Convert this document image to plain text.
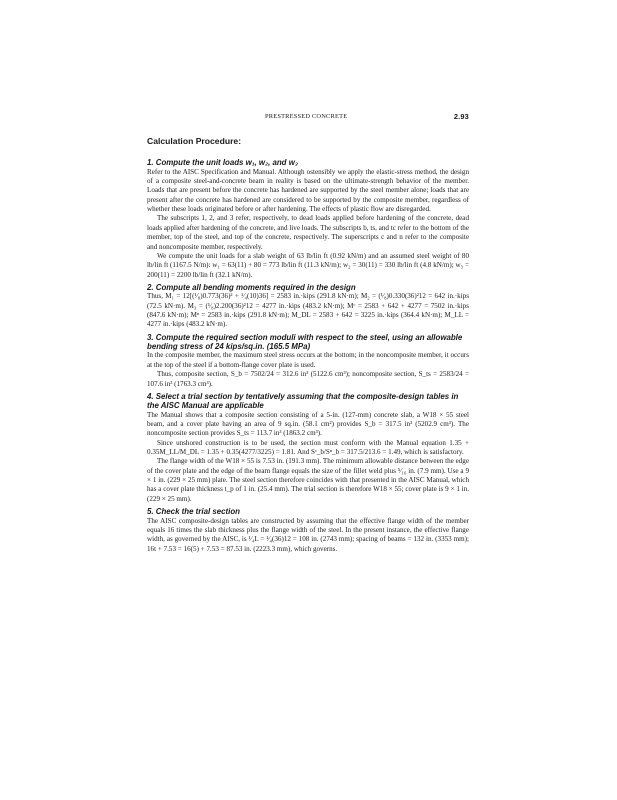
PRESTRESSED CONCRETE	2.93
Calculation Procedure:
1. Compute the unit loads w₁, w₂, and w₃

Refer to the AISC Specification and Manual. Although ostensibly we apply the elastic-stress method, the design of a composite steel-and-concrete beam in reality is based on the ultimate-strength behavior of the member. Loads that are present before the concrete has hardened are supported by the steel member alone; loads that are present after the concrete has hardened are considered to be supported by the composite member, regardless of whether these loads originated before or after hardening. The effects of plastic flow are disregarded.

The subscripts 1, 2, and 3 refer, respectively, to dead loads applied before hardening of the concrete, dead loads applied after hardening of the concrete, and live loads. The subscripts b, ts, and tc refer to the bottom of the member, top of the steel, and top of the concrete, respectively. The superscripts c and n refer to the composite and noncomposite member, respectively.

We compute the unit loads for a slab weight of 63 lb/lin ft (0.92 kN/m) and an assumed steel weight of 80 lb/lin ft (1167.5 N/m): w₁ = 63(11) + 80 = 773 lb/lin ft (11.3 kN/m); w₂ = 30(11) = 330 lb/lin ft (4.8 kN/m); w₃ = 200(11) = 2200 lb/lin ft (32.1 kN/m).

2. Compute all bending moments required in the design

Thus, M₁ = 12[(¹⁄₈)0.773(36)² + ¹⁄₄(10)36] = 2583 in.·kips (291.8 kN·m); M₂ = (¹⁄₈)0.330(36)²12 = 642 in.·kips (72.5 kN·m). M₃ = (¹⁄₈)2.200(36)²12 = 4277 in.·kips (483.2 kN·m); Mᶜ = 2583 + 642 + 4277 = 7502 in.·kips (847.6 kN·m); Mⁿ = 2583 in.·kips (291.8 kN·m); M_DL = 2583 + 642 = 3225 in.·kips (364.4 kN·m); M_LL = 4277 in.·kips (483.2 kN·m).

3. Compute the required section moduli with respect to the steel, using an allowable bending stress of 24 kips/sq.in. (165.5 MPa)

In the composite member, the maximum steel stress occurs at the bottom; in the noncomposite member, it occurs at the top of the steel if a bottom-flange cover plate is used.

Thus, composite section, S_b = 7502/24 = 312.6 in³ (5122.6 cm³); noncomposite section, S_ts = 2583/24 = 107.6 in³ (1763.3 cm³).

4. Select a trial section by tentatively assuming that the composite-design tables in the AISC Manual are applicable

The Manual shows that a composite section consisting of a 5-in. (127-mm) concrete slab, a W18 × 55 steel beam, and a cover plate having an area of 9 sq.in. (58.1 cm²) provides S_b = 317.5 in³ (5202.9 cm³). The noncomposite section provides S_ts = 113.7 in³ (1863.2 cm³).

Since unshored construction is to be used, the section must conform with the Manual equation 1.35 + 0.35M_LL/M_DL = 1.35 + 0.35(4277/3225) = 1.81. And Sᶜ_b/Sⁿ_b = 317.5/213.6 = 1.49, which is satisfactory.

The flange width of the W18 × 55 is 7.53 in. (191.3 mm). The minimum allowable distance between the edge of the cover plate and the edge of the beam flange equals the size of the fillet weld plus ⁵⁄₁₆ in. (7.9 mm). Use a 9 × 1 in. (229 × 25 mm) plate. The steel section therefore coincides with that presented in the AISC Manual, which has a cover plate thickness t_p of 1 in. (25.4 mm). The trial section is therefore W18 × 55; cover plate is 9 × 1 in. (229 × 25 mm).

5. Check the trial section

The AISC composite-design tables are constructed by assuming that the effective flange width of the member equals 16 times the slab thickness plus the flange width of the steel. In the present instance, the effective flange width, as governed by the AISC, is ¹⁄₄L = ¹⁄₄(36)12 = 108 in. (2743 mm); spacing of beams = 132 in. (3353 mm); 16t + 7.53 = 16(5) + 7.53 = 87.53 in. (2223.3 mm), which governs.
